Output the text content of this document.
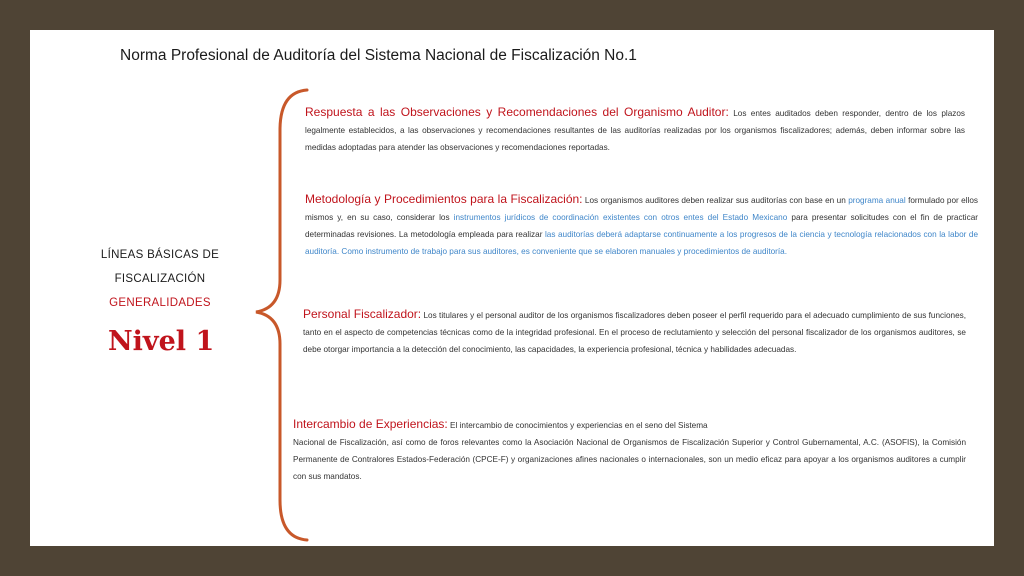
Norma Profesional de Auditoría del Sistema Nacional de Fiscalización No.1
LÍNEAS BÁSICAS DE
FISCALIZACIÓN
GENERALIDADES
Nivel 1
Respuesta a las Observaciones y Recomendaciones del Organismo Auditor: Los entes auditados deben responder, dentro de los plazos legalmente establecidos, a las observaciones y recomendaciones resultantes de las auditorías realizadas por los organismos fiscalizadores; además, deben informar sobre las medidas adoptadas para atender las observaciones y recomendaciones reportadas.
Metodología y Procedimientos para la Fiscalización: Los organismos auditores deben realizar sus auditorías con base en un programa anual formulado por ellos mismos y, en su caso, considerar los instrumentos jurídicos de coordinación existentes con otros entes del Estado Mexicano para presentar solicitudes con el fin de practicar determinadas revisiones. La metodología empleada para realizar las auditorías deberá adaptarse continuamente a los progresos de la ciencia y tecnología relacionados con la labor de auditoría. Como instrumento de trabajo para sus auditores, es conveniente que se elaboren manuales y procedimientos de auditoría.
Personal Fiscalizador: Los titulares y el personal auditor de los organismos fiscalizadores deben poseer el perfil requerido para el adecuado cumplimiento de sus funciones, tanto en el aspecto de competencias técnicas como de la integridad profesional. En el proceso de reclutamiento y selección del personal fiscalizador de los organismos auditores, se debe otorgar importancia a la detección del conocimiento, las capacidades, la experiencia profesional, técnica y habilidades adecuadas.
Intercambio de Experiencias: El intercambio de conocimientos y experiencias en el seno del Sistema
Nacional de Fiscalización, así como de foros relevantes como la Asociación Nacional de Organismos de Fiscalización Superior y Control Gubernamental, A.C. (ASOFIS), la Comisión Permanente de Contralores Estados-Federación (CPCE-F) y organizaciones afines nacionales o internacionales, son un medio eficaz para apoyar a los organismos auditores a cumplir con sus mandatos.
